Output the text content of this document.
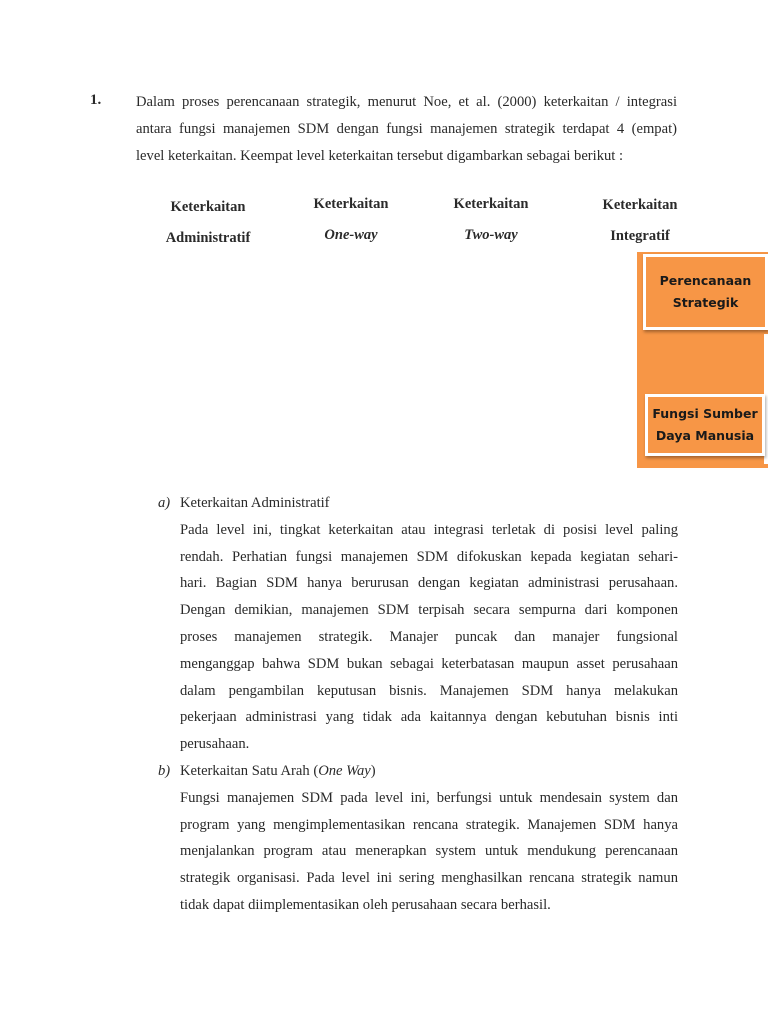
1. Dalam proses perencanaan strategik, menurut Noe, et al. (2000) keterkaitan / integrasi
antara fungsi manajemen SDM dengan fungsi manajemen strategik terdapat 4 (empat)
level keterkaitan. Keempat level keterkaitan tersebut digambarkan sebagai berikut :
Keterkaitan
Administratif
Keterkaitan
One-way
Keterkaitan
Two-way
Keterkaitan
Integratif
Perencanaan
Strategik
Fungsi Sumber
Daya Manusia
a) Keterkaitan Administratif
Pada level ini, tingkat keterkaitan atau integrasi terletak di posisi level paling
rendah. Perhatian fungsi manajemen SDM difokuskan kepada kegiatan sehari-
hari. Bagian SDM hanya berurusan dengan kegiatan administrasi perusahaan.
Dengan demikian, manajemen SDM terpisah secara sempurna dari komponen
proses manajemen strategik. Manajer puncak dan manajer fungsional
menganggap bahwa SDM bukan sebagai keterbatasan maupun asset perusahaan
dalam pengambilan keputusan bisnis. Manajemen SDM hanya melakukan
pekerjaan administrasi yang tidak ada kaitannya dengan kebutuhan bisnis inti
perusahaan.
b) Keterkaitan Satu Arah (One Way)
Fungsi manajemen SDM pada level ini, berfungsi untuk mendesain system dan
program yang mengimplementasikan rencana strategik. Manajemen SDM hanya
menjalankan program atau menerapkan system untuk mendukung perencanaan
strategik organisasi. Pada level ini sering menghasilkan rencana strategik namun
tidak dapat diimplementasikan oleh perusahaan secara berhasil.
